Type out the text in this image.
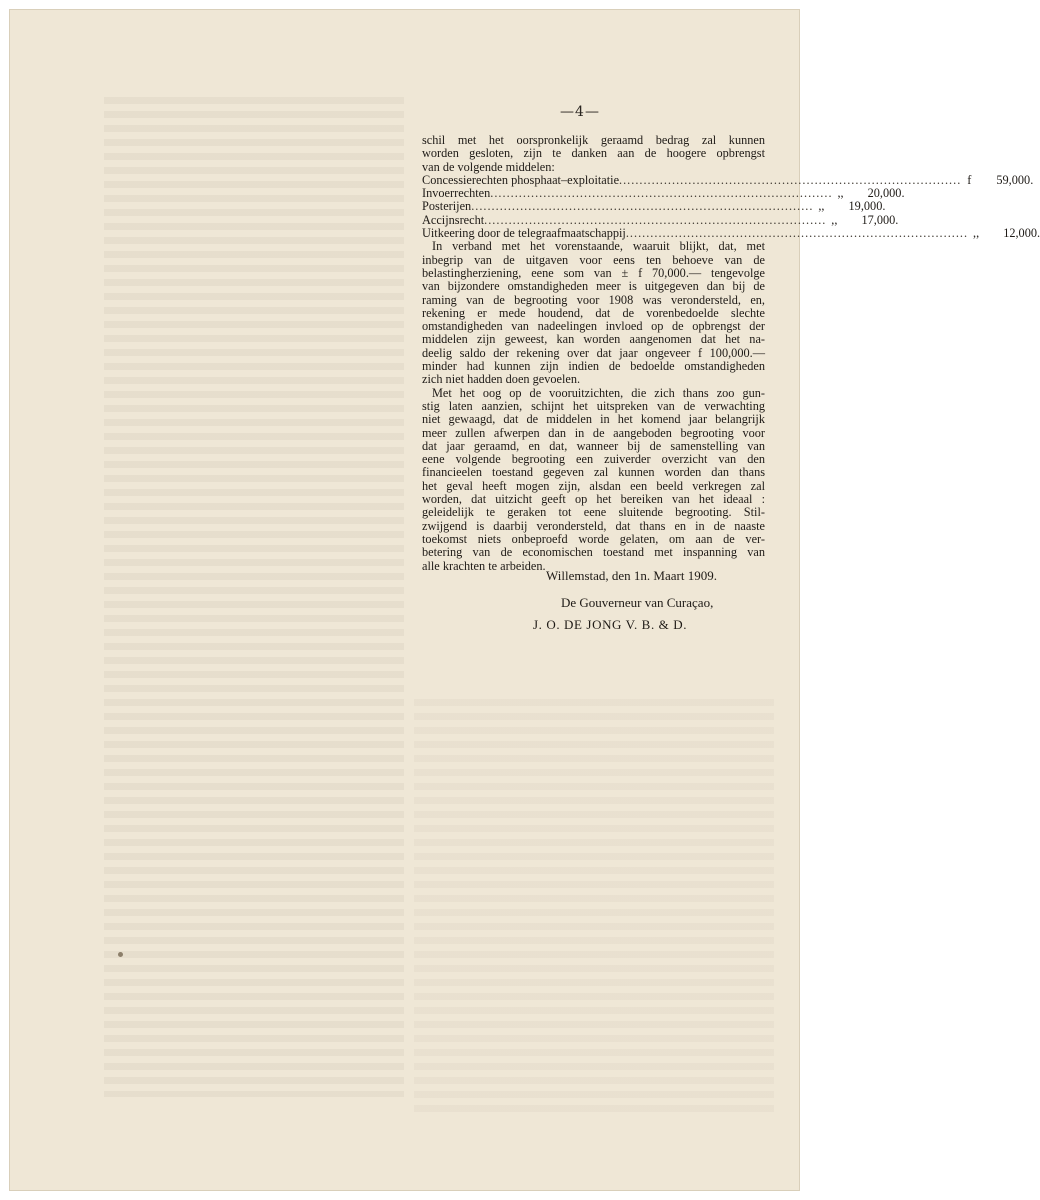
—4—
schil met het oorspronkelijk geraamd bedrag zal kunnen
worden gesloten, zijn te danken aan de hoogere opbrengst
van de volgende middelen:
Concessierechten phosphaat–exploitatie .................................................................................... f	59,000.
Invoerrechten .................................................................................... ,,	20,000.
Posterijen .................................................................................... ,,	19,000.
Accijnsrecht .................................................................................... ,,	17,000.
Uitkeering door de telegraafmaatschappij .................................................................................... ,,	12,000.
In verband met het vorenstaande, waaruit blijkt, dat, met
inbegrip van de uitgaven voor eens ten behoeve van de
belastingherziening, eene som van ± f 70,000.— tengevolge
van bijzondere omstandigheden meer is uitgegeven dan bij de
raming van de begrooting voor 1908 was verondersteld, en,
rekening er mede houdend, dat de vorenbedoelde slechte
omstandigheden van nadeelingen invloed op de opbrengst der
middelen zijn geweest, kan worden aangenomen dat het na-
deelig saldo der rekening over dat jaar ongeveer f 100,000.—
minder had kunnen zijn indien de bedoelde omstandigheden
zich niet hadden doen gevoelen.
Met het oog op de vooruitzichten, die zich thans zoo gun-
stig laten aanzien, schijnt het uitspreken van de verwachting
niet gewaagd, dat de middelen in het komend jaar belangrijk
meer zullen afwerpen dan in de aangeboden begrooting voor
dat jaar geraamd, en dat, wanneer bij de samenstelling van
eene volgende begrooting een zuiverder overzicht van den
financieelen toestand gegeven zal kunnen worden dan thans
het geval heeft mogen zijn, alsdan een beeld verkregen zal
worden, dat uitzicht geeft op het bereiken van het ideaal :
geleidelijk te geraken tot eene sluitende begrooting. Stil-
zwijgend is daarbij verondersteld, dat thans en in de naaste
toekomst niets onbeproefd worde gelaten, om aan de ver-
betering van de economischen toestand met inspanning van
alle krachten te arbeiden.
Willemstad, den 1n. Maart 1909.
De Gouverneur van Curaçao,
J. O. DE JONG V. B. & D.
